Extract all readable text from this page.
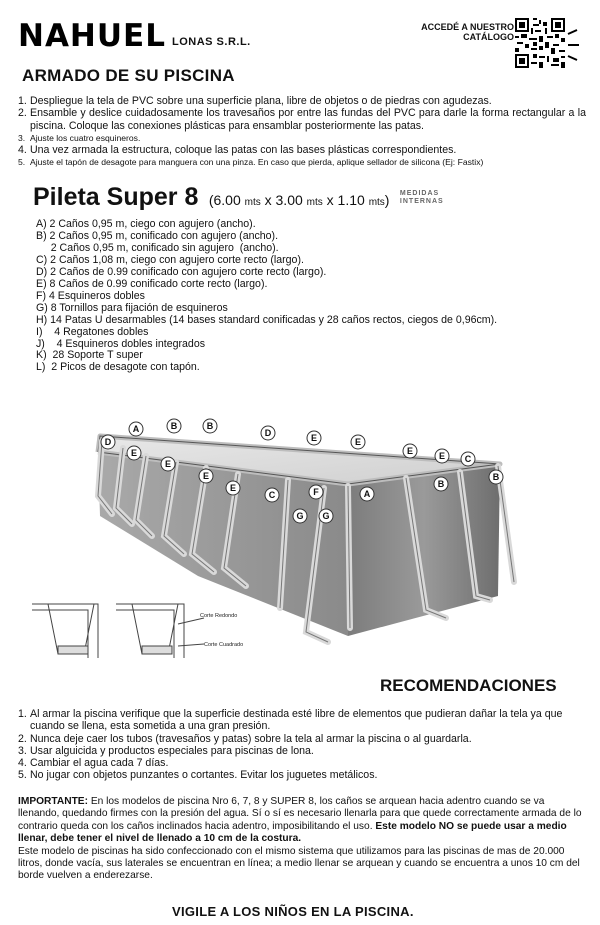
NAHUEL LONAS S.R.L.
ACCEDÉ A NUESTRO
CATÁLOGO
ARMADO DE SU PISCINA
1. Despliegue la tela de PVC sobre una superficie plana, libre de objetos o de piedras con agudezas.
2. Ensamble y deslice cuidadosamente los travesaños por entre las fundas del PVC para darle la forma rectangular a la piscina. Coloque las conexiones plásticas para ensamblar posteriormente las patas.
3. Ajuste los cuatro esquineros.
4. Una vez armada la estructura, coloque las patas con las bases plásticas correspondientes.
5. Ajuste el tapón de desagote para manguera con una pinza. En caso que pierda, aplique sellador de silicona (Ej: Fastix)
Pileta Super 8 (6.00 mts x 3.00 mts x 1.10 mts) MEDIDAS
INTERNAS
A) 2 Caños 0,95 m, ciego con agujero (ancho).
B) 2 Caños 0,95 m, conificado con agujero (ancho).
2 Caños 0,95 m, conificado sin agujero  (ancho).
C) 2 Caños 1,08 m, ciego con agujero corte recto (largo).
D) 2 Caños de 0.99 conificado con agujero corte recto (largo).
E) 8 Caños de 0.99 conificado corte recto (largo).
F) 4 Esquineros dobles
G) 8 Tornillos para fijación de esquineros
H) 14 Patas U desarmables (14 bases standard conificadas y 28 caños rectos, ciegos de 0,96cm).
I)    4 Regatones dobles
J)    4 Esquineros dobles integrados
K)  28 Soporte T super
L)  2 Picos de desagote con tapón.
A	B	B
D
E
E
E
E
C
D	E	E
E	E C
F	A
B
B
G G
Corte Redondo
Corte Cuadrado
RECOMENDACIONES
1. Al armar la piscina verifique que la superficie destinada esté libre de elementos que pudieran dañar la tela ya que cuando se llena, esta sometida a una gran presión.
2. Nunca deje caer los tubos (travesaños y patas) sobre la tela al armar la piscina o al guardarla.
3. Usar alguicida y productos especiales para piscinas de lona.
4. Cambiar el agua cada 7 días.
5. No jugar con objetos punzantes o cortantes. Evitar los juguetes metálicos.
IMPORTANTE: En los modelos de piscina Nro 6, 7, 8 y SUPER 8, los caños se arquean hacia adentro cuando se va llenando, quedando firmes con la presión del agua. Sí o sí es necesario llenarla para que quede correctamente armada de lo contrario queda con los caños inclinados hacia adentro, imposibilitando el uso. Este modelo NO se puede usar a medio llenar, debe tener el nivel de llenado a 10 cm de la costura.
Este modelo de piscinas ha sido confeccionado con el mismo sistema que utilizamos para las piscinas de mas de 20.000 litros, donde vacía, sus laterales se encuentran en línea; a medio llenar se arquean y cuando se encuentra a unos 10 cm del borde vuelven a enderezarse.
VIGILE A LOS NIÑOS EN LA PISCINA.
